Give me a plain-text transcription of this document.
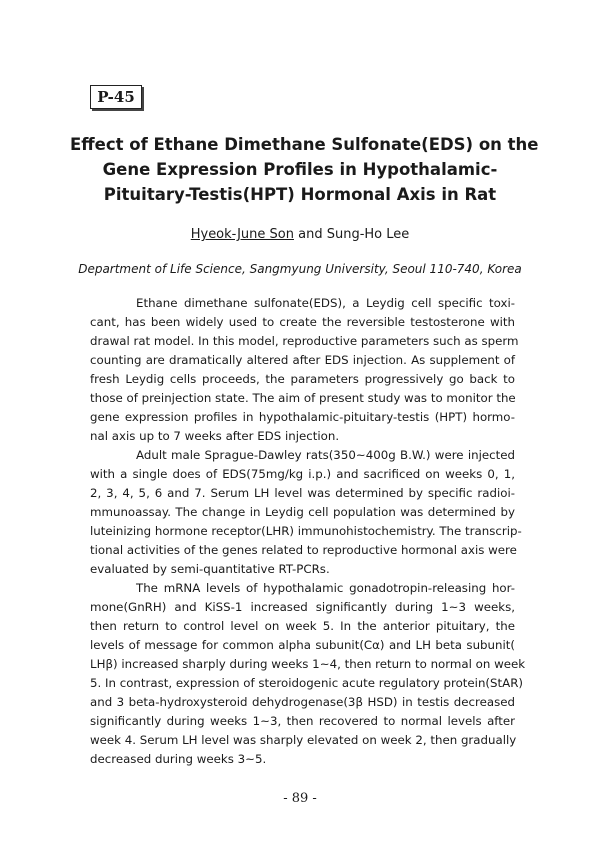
P-45
Effect of Ethane Dimethane Sulfonate(EDS) on the
Gene Expression Profiles in Hypothalamic-
Pituitary-Testis(HPT) Hormonal Axis in Rat
Hyeok-June Son and Sung-Ho Lee
Department of Life Science, Sangmyung University, Seoul 110-740, Korea
Ethane dimethane sulfonate(EDS), a Leydig cell specific toxi-
cant, has been widely used to create the reversible testosterone with
drawal rat model. In this model, reproductive parameters such as sperm
counting are dramatically altered after EDS injection. As supplement of
fresh Leydig cells proceeds, the parameters progressively go back to
those of preinjection state. The aim of present study was to monitor the
gene expression profiles in hypothalamic-pituitary-testis (HPT) hormo-
nal axis up to 7 weeks after EDS injection.
Adult male Sprague-Dawley rats(350~400g B.W.) were injected
with a single does of EDS(75mg/kg i.p.) and sacrificed on weeks 0, 1,
2, 3, 4, 5, 6 and 7. Serum LH level was determined by specific radioi-
mmunoassay. The change in Leydig cell population was determined by
luteinizing hormone receptor(LHR) immunohistochemistry. The transcrip-
tional activities of the genes related to reproductive hormonal axis were
evaluated by semi-quantitative RT-PCRs.
The mRNA levels of hypothalamic gonadotropin-releasing hor-
mone(GnRH) and KiSS-1 increased significantly during 1~3 weeks,
then return to control level on week 5. In the anterior pituitary, the
levels of message for common alpha subunit(Cα) and LH beta subunit(
LHβ) increased sharply during weeks 1~4, then return to normal on week
5. In contrast, expression of steroidogenic acute regulatory protein(StAR)
and 3 beta-hydroxysteroid dehydrogenase(3β HSD) in testis decreased
significantly during weeks 1~3, then recovered to normal levels after
week 4. Serum LH level was sharply elevated on week 2, then gradually
decreased during weeks 3~5.
- 89 -
